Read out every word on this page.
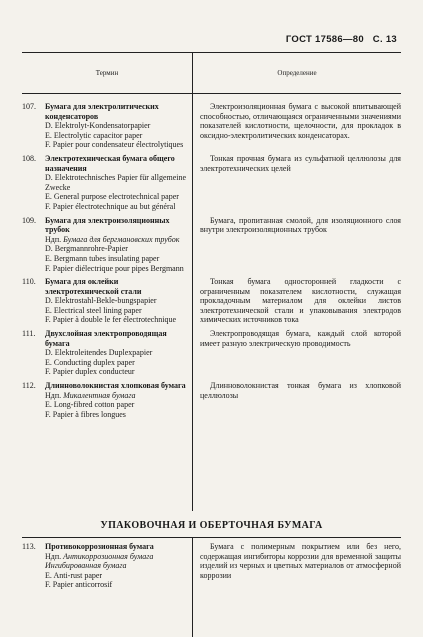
ГОСТ 17586—80 С. 13
Термин	Определение
107.	Бумага для электролитических конденсаторов
D. Elektrolyt-Kondensatorpapier
E. Electrolytic capacitor paper
F. Papier pour condensateur électrolytiques
Электроизоляционная бумага с высокой впитывающей способностью, отличающаяся ограниченными значениями показателей кислотности, щелочности, для прокладок в оксидно-электролитических конденсаторах.
108.	Электротехническая бумага общего назначения
D. Elektrotechnisches Papier für allgemeine Zwecke
E. General purpose electrotechnical paper
F. Papier électrotechnique au but général
Тонкая прочная бумага из сульфатной целлюлозы для электротехнических целей
109.	Бумага для электроизоляционных трубок
Ндп. Бумага для бергмановских трубок
D. Bergmannrohre-Papier
E. Bergmann tubes insulating paper
F. Papier diélectrique pour pipes Bergmann
Бумага, пропитанная смолой, для изоляционного слоя внутри электроизоляционных трубок
110.	Бумага для оклейки электротехнической стали
D. Elektrostahl-Bekle-bungspapier
E. Electrical steel lining paper
F. Papier à double le fer électrotechnique
Тонкая бумага односторонней гладкости с ограниченным показателем кислотности, служащая прокладочным материалом для оклейки листов электротехнической стали и упаковывания электродов химических источников тока
111.	Двухслойная электропроводящая бумага
D. Elektroleitendes Duplexpapier
E. Conducting duplex paper
F. Papier duplex conducteur
Электропроводящая бумага, каждый слой которой имеет разную электрическую проводимость
112.	Длинноволокнистая хлопковая бумага
Ндп. Микалентная бумага
E. Long-fibred cotton paper
F. Papier à fibres longues
Длинноволокнистая тонкая бумага из хлопковой целлюлозы
УПАКОВОЧНАЯ И ОБЕРТОЧНАЯ БУМАГА
113.	Противокоррозионная бумага
Ндп. Антикоррозионная бумага
Ингибированная бумага
E. Anti-rust paper
F. Papier anticorrosif
Бумага с полимерным покрытием или без него, содержащая ингибиторы коррозии для временной защиты изделий из черных и цветных материалов от атмосферной коррозии
